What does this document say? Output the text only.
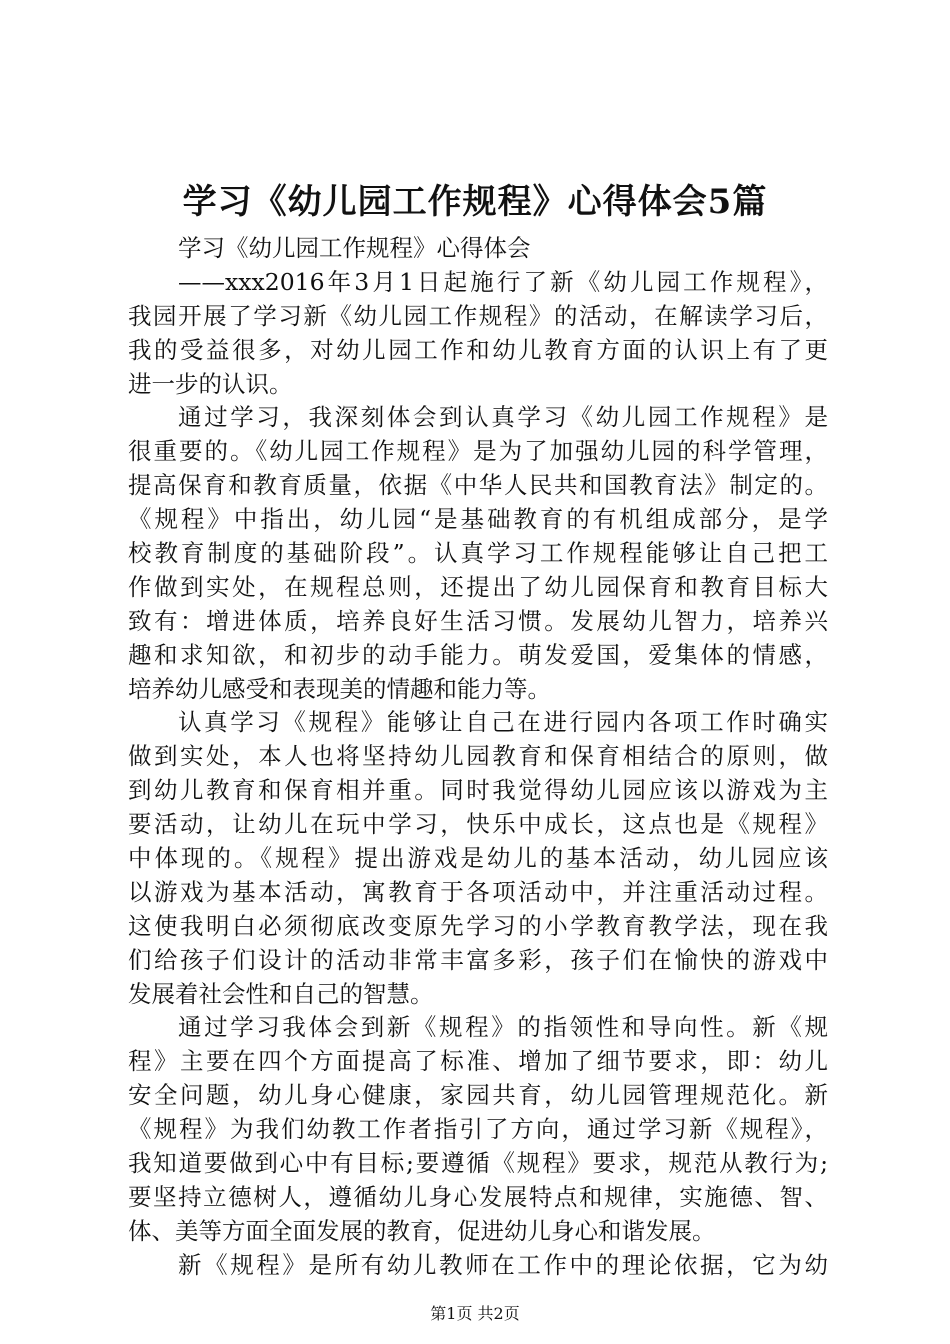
学习《幼儿园工作规程》心得体会5篇
学习《幼儿园工作规程》心得体会
——xxx2016年3月1日起施行了新《幼儿园工作规程》，
我园开展了学习新《幼儿园工作规程》的活动，在解读学习后，
我的受益很多，对幼儿园工作和幼儿教育方面的认识上有了更
进一步的认识。
通过学习，我深刻体会到认真学习《幼儿园工作规程》是
很重要的。《幼儿园工作规程》是为了加强幼儿园的科学管理，
提高保育和教育质量，依据《中华人民共和国教育法》制定的。
《规程》中指出，幼儿园“是基础教育的有机组成部分，是学
校教育制度的基础阶段”。认真学习工作规程能够让自己把工
作做到实处，在规程总则，还提出了幼儿园保育和教育目标大
致有：增进体质，培养良好生活习惯。发展幼儿智力，培养兴
趣和求知欲，和初步的动手能力。萌发爱国，爱集体的情感，
培养幼儿感受和表现美的情趣和能力等。
认真学习《规程》能够让自己在进行园内各项工作时确实
做到实处，本人也将坚持幼儿园教育和保育相结合的原则，做
到幼儿教育和保育相并重。同时我觉得幼儿园应该以游戏为主
要活动，让幼儿在玩中学习，快乐中成长，这点也是《规程》
中体现的。《规程》提出游戏是幼儿的基本活动，幼儿园应该
以游戏为基本活动，寓教育于各项活动中，并注重活动过程。
这使我明白必须彻底改变原先学习的小学教育教学法，现在我
们给孩子们设计的活动非常丰富多彩，孩子们在愉快的游戏中
发展着社会性和自己的智慧。
通过学习我体会到新《规程》的指领性和导向性。新《规
程》主要在四个方面提高了标准、增加了细节要求，即：幼儿
安全问题，幼儿身心健康，家园共育，幼儿园管理规范化。新
《规程》为我们幼教工作者指引了方向，通过学习新《规程》，
我知道要做到心中有目标;要遵循《规程》要求，规范从教行为;
要坚持立德树人，遵循幼儿身心发展特点和规律，实施德、智、
体、美等方面全面发展的教育，促进幼儿身心和谐发展。
新《规程》是所有幼儿教师在工作中的理论依据，它为幼
第1页 共2页
